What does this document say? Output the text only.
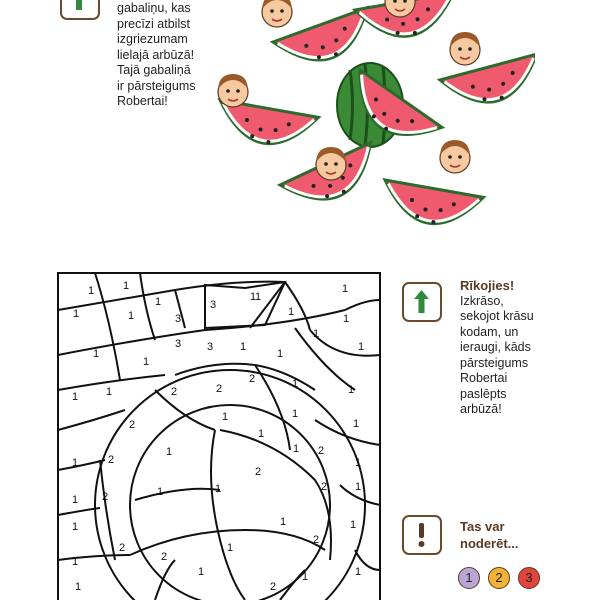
gabaliņu, kas
precīzi atbilst
izgriezumam
lielajā arbūzā!
Tajā gabaliņā
ir pārsteigums
Robertai!
1	1
1
1
1
1	3
1
3
1	1
1
3 3 1
1
1
1
1
1
2
2
2
1	1
1	1
2
1
1
1
1
1	2
2
1
2
1
1
1
1	1	2	1
2
1	1
2
2
1	2
1
1
2
1
1
1
1
Rīkojies!
Izkrāso,
sekojot krāsu
kodam, un
ieraugi, kāds
pārsteigums
Robertai
paslēpts
arbūzā!
Tas var
noderēt...
1	2	3
